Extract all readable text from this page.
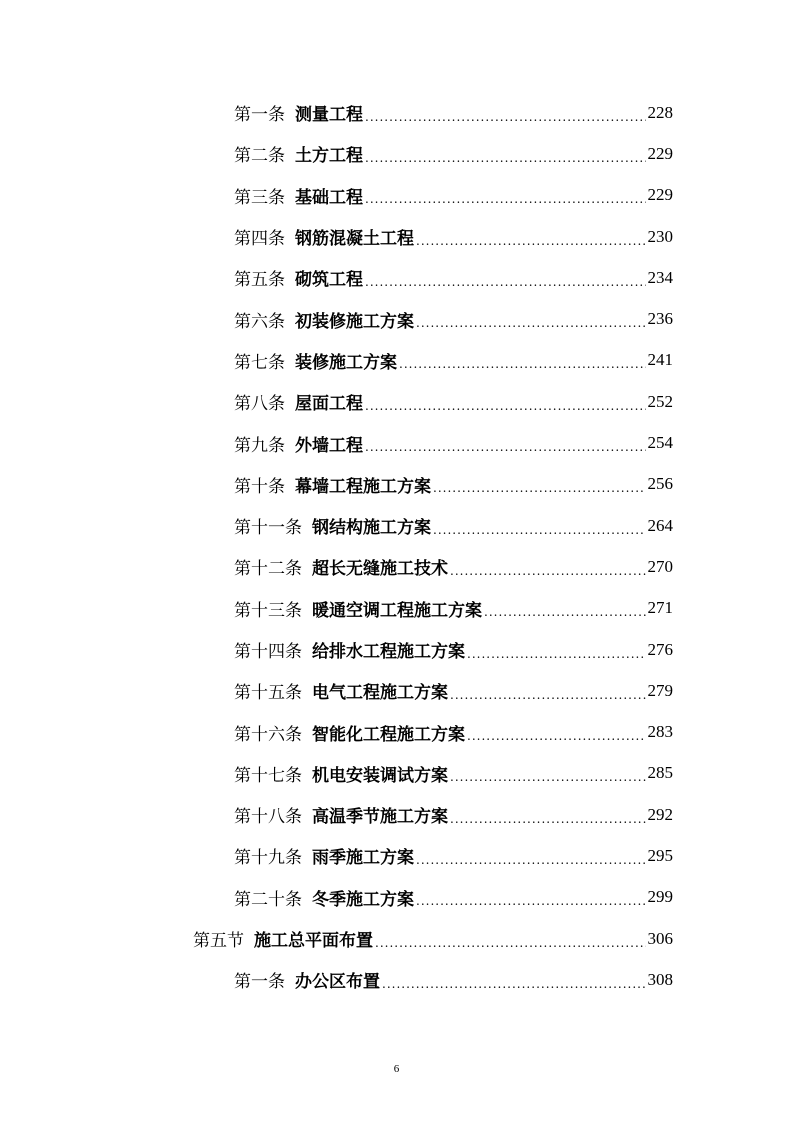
第一条 测量工程 .....	228
第二条 土方工程 .....	229
第三条 基础工程 .....	229
第四条 钢筋混凝土工程 .....	230
第五条 砌筑工程 .....	234
第六条 初装修施工方案 .....	236
第七条 装修施工方案 .....	241
第八条 屋面工程 .....	252
第九条 外墙工程 .....	254
第十条 幕墙工程施工方案 .....	256
第十一条 钢结构施工方案 .....	264
第十二条 超长无缝施工技术 .....	270
第十三条 暖通空调工程施工方案 .....	271
第十四条 给排水工程施工方案 .....	276
第十五条 电气工程施工方案 .....	279
第十六条 智能化工程施工方案 .....	283
第十七条 机电安装调试方案 .....	285
第十八条 高温季节施工方案 .....	292
第十九条 雨季施工方案 .....	295
第二十条 冬季施工方案 .....	299
第五节 施工总平面布置 .....	306
第一条 办公区布置 .....	308
6
